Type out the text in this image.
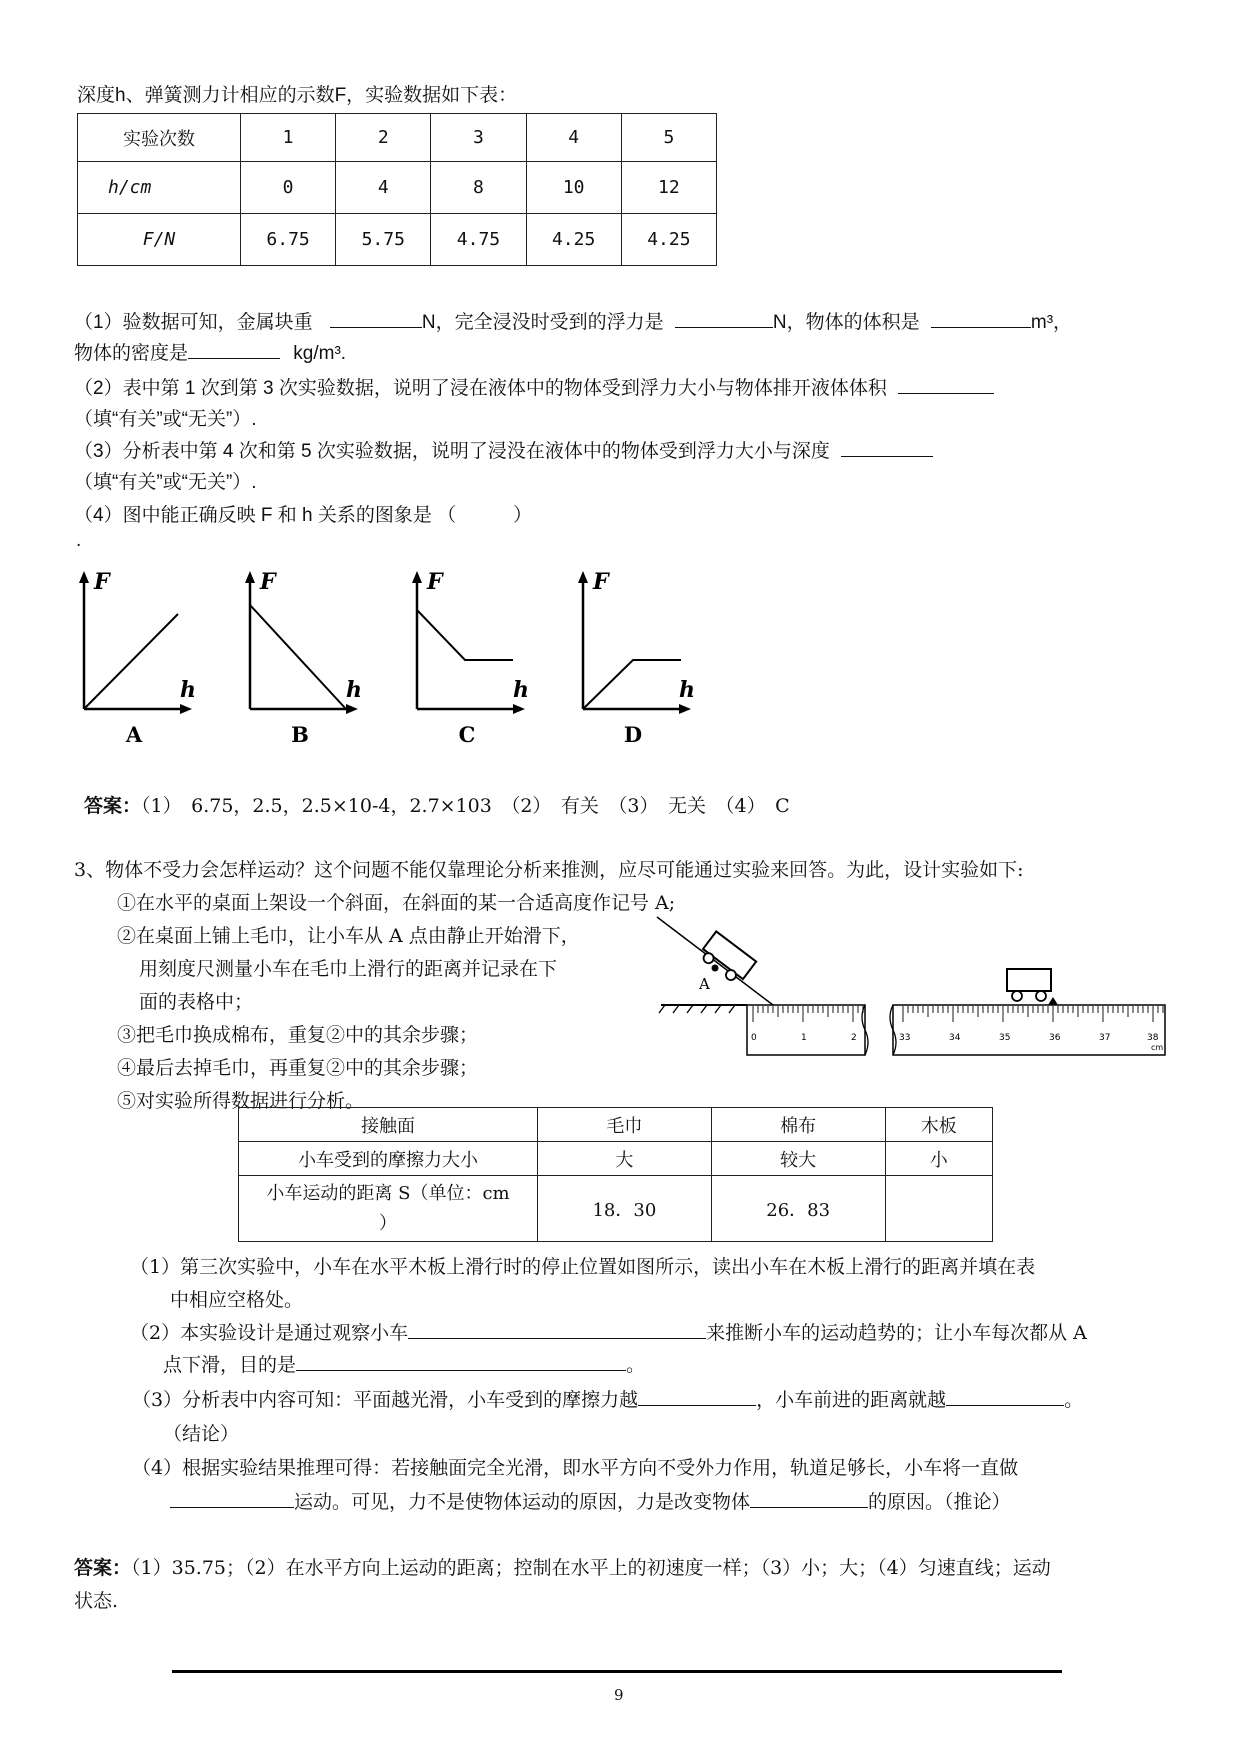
深度h、弹簧测力计相应的示数F，实验数据如下表：
实验次数	1	2	3	4	5
h/cm	0	4	8	10	12
F/N	6.75	5.75	4.75	4.25	4.25
（1）验数据可知，金属块重	N，完全浸没时受到的浮力是	N，物体的体积是	m³，
物体的密度是	kg/m³.
（2）表中第 1 次到第 3 次实验数据，说明了浸在液体中的物体受到浮力大小与物体排开液体体积
（填“有关”或“无关”）.
（3）分析表中第 4 次和第 5 次实验数据，说明了浸没在液体中的物体受到浮力大小与深度
（填“有关”或“无关”）.
（4）图中能正确反映 F 和 h 关系的图象是 （　　　）
.
F
h
A
F
h
B
F
h
C
F
h
D
答案：（1）　6.75，2.5，2.5×10-4，2.7×103　（2）　有关　（3）　无关　（4）　C
3、物体不受力会怎样运动？这个问题不能仅靠理论分析来推测，应尽可能通过实验来回答。为此，设计实验如下:
①在水平的桌面上架设一个斜面，在斜面的某一合适高度作记号 A;
②在桌面上铺上毛巾，让小车从 A 点由静止开始滑下，
用刻度尺测量小车在毛巾上滑行的距离并记录在下
面的表格中；
③把毛巾换成棉布，重复②中的其余步骤；
④最后去掉毛巾，再重复②中的其余步骤；
⑤对实验所得数据进行分析。
A
0	1	2	33	34	35	36	37	38
cm
接触面	毛巾	棉布	木板
小车受到的摩擦力大小	大	较大	小

小车运动的距离 S（单位：cm
）	18．30	26．83	
（1）第三次实验中，小车在水平木板上滑行时的停止位置如图所示，读出小车在木板上滑行的距离并填在表
中相应空格处。
（2）本实验设计是通过观察小车	来推断小车的运动趋势的；让小车每次都从 A
点下滑，目的是	。
（3）分析表中内容可知：平面越光滑，小车受到的摩擦力越	，小车前进的距离就越	。
（结论）
（4）根据实验结果推理可得：若接触面完全光滑，即水平方向不受外力作用，轨道足够长，小车将一直做
运动。可见，力不是使物体运动的原因，力是改变物体	的原因。（推论）
答案：（1）35.75；（2）在水平方向上运动的距离；控制在水平上的初速度一样；（3）小；大；（4）匀速直线；运动
状态.
9
